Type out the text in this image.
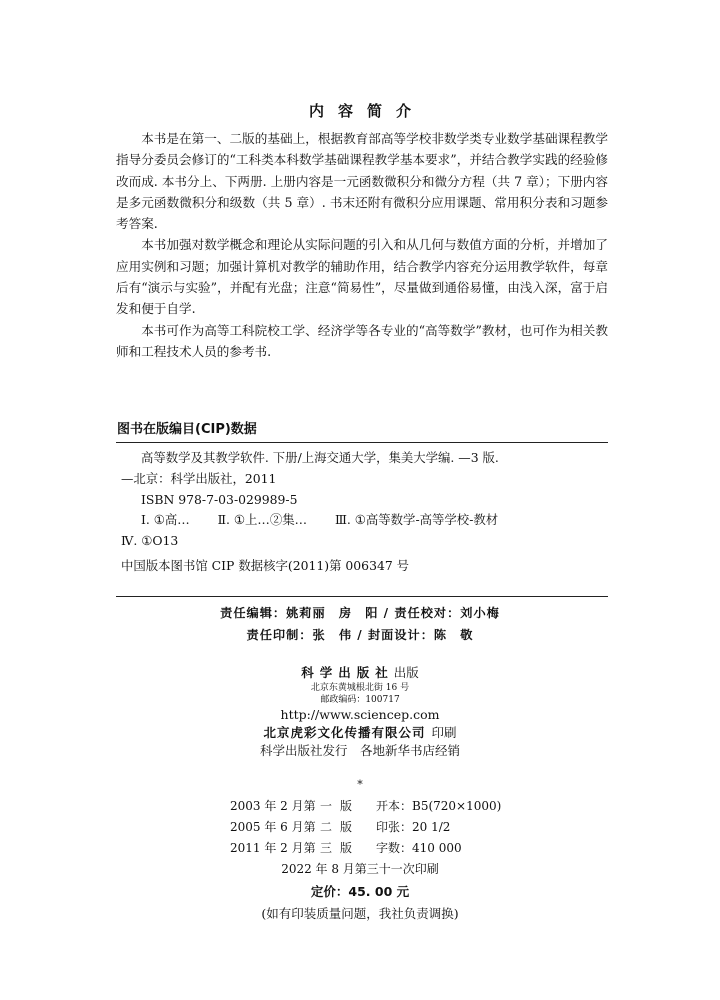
内容简介

本书是在第一、二版的基础上，根据教育部高等学校非数学类专业数学基础课程教学指导分委员会修订的“工科类本科数学基础课程教学基本要求”，并结合教学实践的经验修改而成. 本书分上、下两册. 上册内容是一元函数微积分和微分方程（共 7 章）；下册内容是多元函数微积分和级数（共 5 章）. 书末还附有微积分应用课题、常用积分表和习题参考答案.

本书加强对数学概念和理论从实际问题的引入和从几何与数值方面的分析，并增加了应用实例和习题；加强计算机对教学的辅助作用，结合教学内容充分运用教学软件，每章后有“演示与实验”，并配有光盘；注意“简易性”，尽量做到通俗易懂，由浅入深，富于启发和便于自学.

本书可作为高等工科院校工学、经济学等各专业的“高等数学”教材，也可作为相关教师和工程技术人员的参考书.

图书在版编目(CIP)数据
高等数学及其教学软件. 下册/上海交通大学，集美大学编. —3 版.
—北京：科学出版社，2011
ISBN 978-7-03-029989-5
Ⅰ. ①高… Ⅱ. ①上…②集… Ⅲ. ①高等数学-高等学校-教材
Ⅳ. ①O13
中国版本图书馆 CIP 数据核字(2011)第 006347 号
责任编辑：姚莉丽　房　阳 / 责任校对：刘小梅
责任印制：张　伟 / 封面设计：陈　敬
科学出版社出版
北京东黄城根北街 16 号
邮政编码：100717
http://www.sciencep.com
北京虎彩文化传播有限公司 印刷
科学出版社发行　各地新华书店经销
*
2003 年 2 月第 一版 开本：B5(720×1000)
2005 年 6 月第 二版 印张：20 1/2
2011 年 2 月第 三版 字数：410 000
2022 年 8 月第三十一次印刷
定价：45. 00 元
(如有印装质量问题，我社负责调换)
